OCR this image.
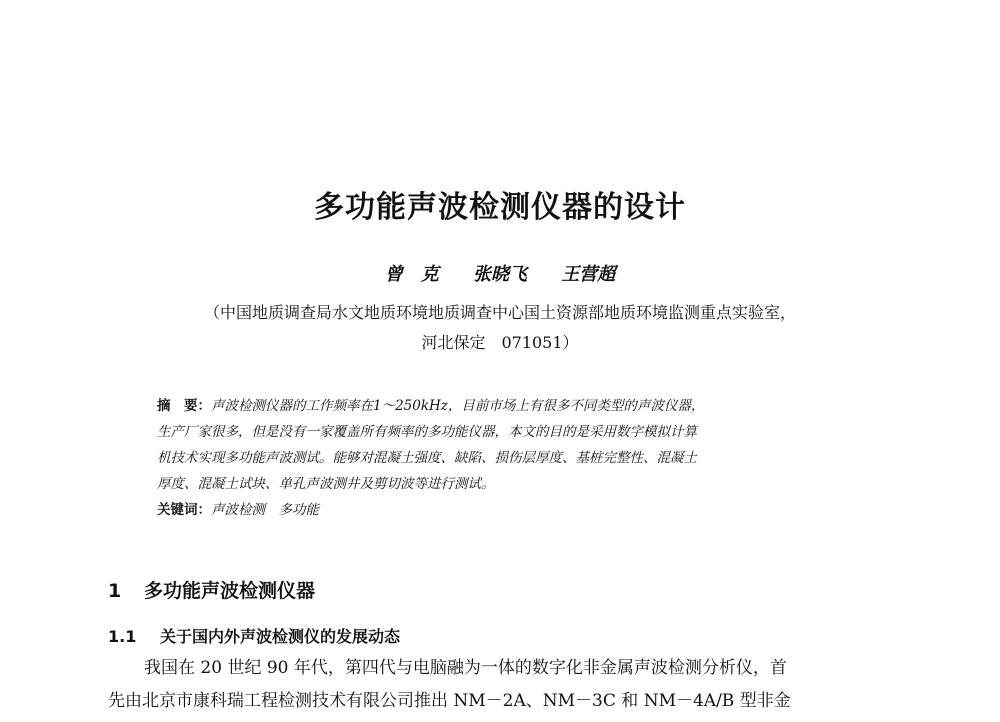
多功能声波检测仪器的设计
曾　克 张晓飞 王营超
（中国地质调查局水文地质环境地质调查中心国土资源部地质环境监测重点实验室，
河北保定　071051）
摘　要：声波检测仪器的工作频率在1～250kHz，目前市场上有很多不同类型的声波仪器，
生产厂家很多，但是没有一家覆盖所有频率的多功能仪器，本文的目的是采用数字模拟计算
机技术实现多功能声波测试。能够对混凝土强度、缺陷、损伤层厚度、基桩完整性、混凝土
厚度、混凝土试块、单孔声波测井及剪切波等进行测试。
关键词：声波检测　多功能
1 多功能声波检测仪器
1.1 关于国内外声波检测仪的发展动态
我国在 20 世纪 90 年代，第四代与电脑融为一体的数字化非金属声波检测分析仪，首
先由北京市康科瑞工程检测技术有限公司推出 NM－2A、NM－3C 和 NM－4A/B 型非金
